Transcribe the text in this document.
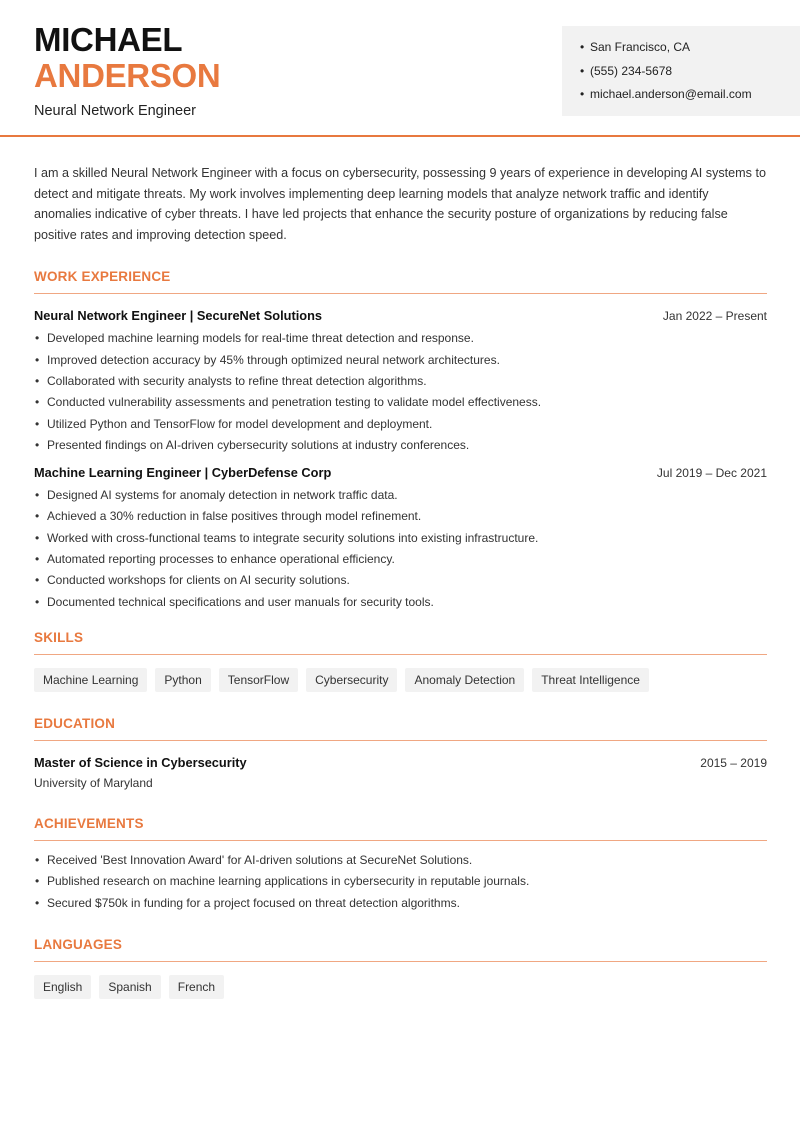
MICHAEL
ANDERSON
Neural Network Engineer
• San Francisco, CA
• (555) 234-5678
• michael.anderson@email.com

I am a skilled Neural Network Engineer with a focus on cybersecurity, possessing 9 years of experience in developing AI systems to detect and mitigate threats. My work involves implementing deep learning models that analyze network traffic and identify anomalies indicative of cyber threats. I have led projects that enhance the security posture of organizations by reducing false positive rates and improving detection speed.

WORK EXPERIENCE
Neural Network Engineer | SecureNet Solutions	Jan 2022 – Present
• Developed machine learning models for real-time threat detection and response.
• Improved detection accuracy by 45% through optimized neural network architectures.
• Collaborated with security analysts to refine threat detection algorithms.
• Conducted vulnerability assessments and penetration testing to validate model effectiveness.
• Utilized Python and TensorFlow for model development and deployment.
• Presented findings on AI-driven cybersecurity solutions at industry conferences.
Machine Learning Engineer | CyberDefense Corp	Jul 2019 – Dec 2021
• Designed AI systems for anomaly detection in network traffic data.
• Achieved a 30% reduction in false positives through model refinement.
• Worked with cross-functional teams to integrate security solutions into existing infrastructure.
• Automated reporting processes to enhance operational efficiency.
• Conducted workshops for clients on AI security solutions.
• Documented technical specifications and user manuals for security tools.
SKILLS
Machine Learning	Python	TensorFlow	Cybersecurity	Anomaly Detection	Threat Intelligence
EDUCATION
Master of Science in Cybersecurity	2015 – 2019
University of Maryland
ACHIEVEMENTS
• Received 'Best Innovation Award' for AI-driven solutions at SecureNet Solutions.
• Published research on machine learning applications in cybersecurity in reputable journals.
• Secured $750k in funding for a project focused on threat detection algorithms.
LANGUAGES
English	Spanish	French
